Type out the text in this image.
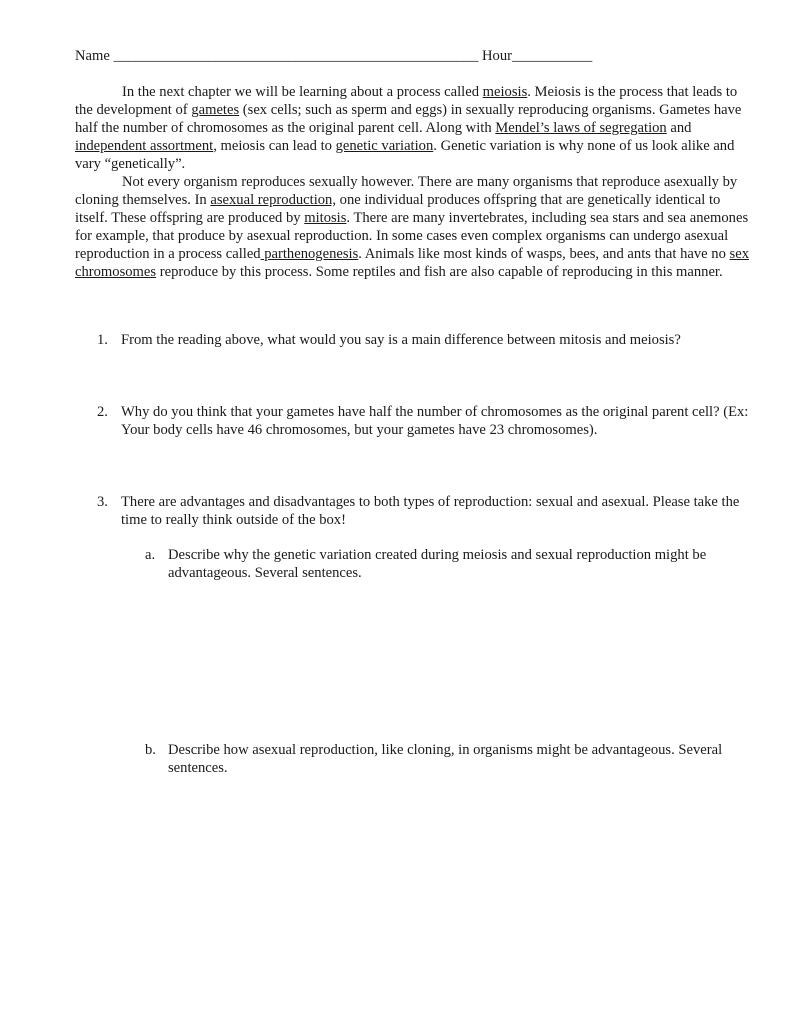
Name __________________________________________________ Hour___________

In the next chapter we will be learning about a process called meiosis. Meiosis is the process that leads to the development of gametes (sex cells; such as sperm and eggs) in sexually reproducing organisms. Gametes have half the number of chromosomes as the original parent cell. Along with Mendel’s laws of segregation and independent assortment, meiosis can lead to genetic variation. Genetic variation is why none of us look alike and vary “genetically”.

Not every organism reproduces sexually however. There are many organisms that reproduce asexually by cloning themselves. In asexual reproduction, one individual produces offspring that are genetically identical to itself. These offspring are produced by mitosis. There are many invertebrates, including sea stars and sea anemones for example, that produce by asexual reproduction. In some cases even complex organisms can undergo asexual reproduction in a process called parthenogenesis. Animals like most kinds of wasps, bees, and ants that have no sex chromosomes reproduce by this process. Some reptiles and fish are also capable of reproducing in this manner.

1. From the reading above, what would you say is a main difference between mitosis and meiosis?
2. Why do you think that your gametes have half the number of chromosomes as the original parent cell? (Ex: Your body cells have 46 chromosomes, but your gametes have 23 chromosomes).
3. There are advantages and disadvantages to both types of reproduction: sexual and asexual. Please take the time to really think outside of the box!
a. Describe why the genetic variation created during meiosis and sexual reproduction might be advantageous. Several sentences.
b. Describe how asexual reproduction, like cloning, in organisms might be advantageous. Several sentences.
